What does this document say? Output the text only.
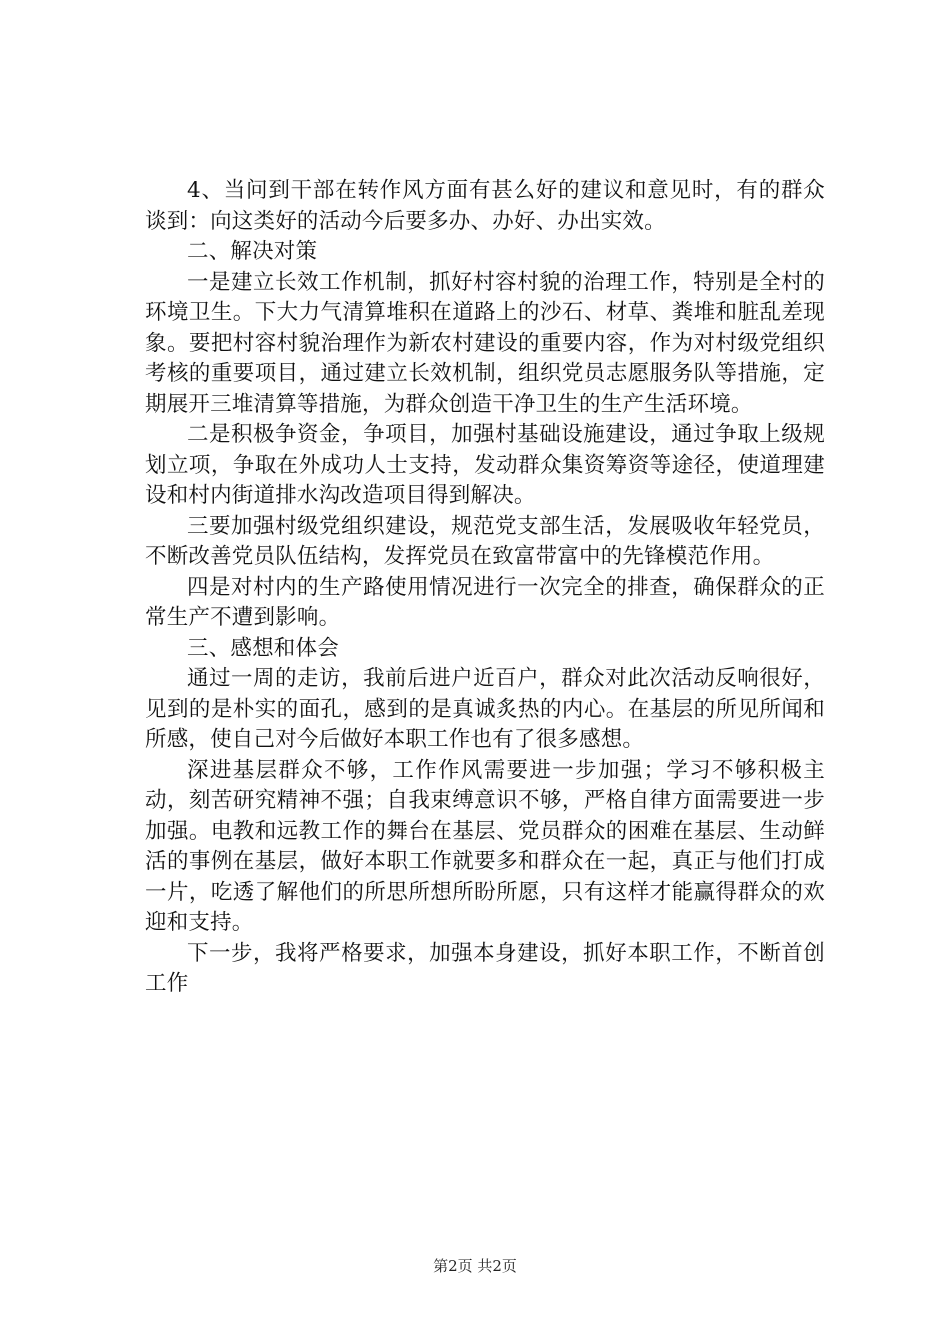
4、当问到干部在转作风方面有甚么好的建议和意见时，有的群众谈到：向这类好的活动今后要多办、办好、办出实效。

二、解决对策

一是建立长效工作机制，抓好村容村貌的治理工作，特别是全村的环境卫生。下大力气清算堆积在道路上的沙石、材草、粪堆和脏乱差现象。要把村容村貌治理作为新农村建设的重要内容，作为对村级党组织考核的重要项目，通过建立长效机制，组织党员志愿服务队等措施，定期展开三堆清算等措施，为群众创造干净卫生的生产生活环境。

二是积极争资金，争项目，加强村基础设施建设，通过争取上级规划立项，争取在外成功人士支持，发动群众集资筹资等途径，使道理建设和村内街道排水沟改造项目得到解决。

三要加强村级党组织建设，规范党支部生活，发展吸收年轻党员，不断改善党员队伍结构，发挥党员在致富带富中的先锋模范作用。

四是对村内的生产路使用情况进行一次完全的排查，确保群众的正常生产不遭到影响。

三、感想和体会

通过一周的走访，我前后进户近百户，群众对此次活动反响很好，见到的是朴实的面孔，感到的是真诚炙热的内心。在基层的所见所闻和所感，使自己对今后做好本职工作也有了很多感想。

深进基层群众不够，工作作风需要进一步加强；学习不够积极主动，刻苦研究精神不强；自我束缚意识不够，严格自律方面需要进一步加强。电教和远教工作的舞台在基层、党员群众的困难在基层、生动鲜活的事例在基层，做好本职工作就要多和群众在一起，真正与他们打成一片，吃透了解他们的所思所想所盼所愿，只有这样才能赢得群众的欢迎和支持。

下一步，我将严格要求，加强本身建设，抓好本职工作，不断首创工作

第2页 共2页
